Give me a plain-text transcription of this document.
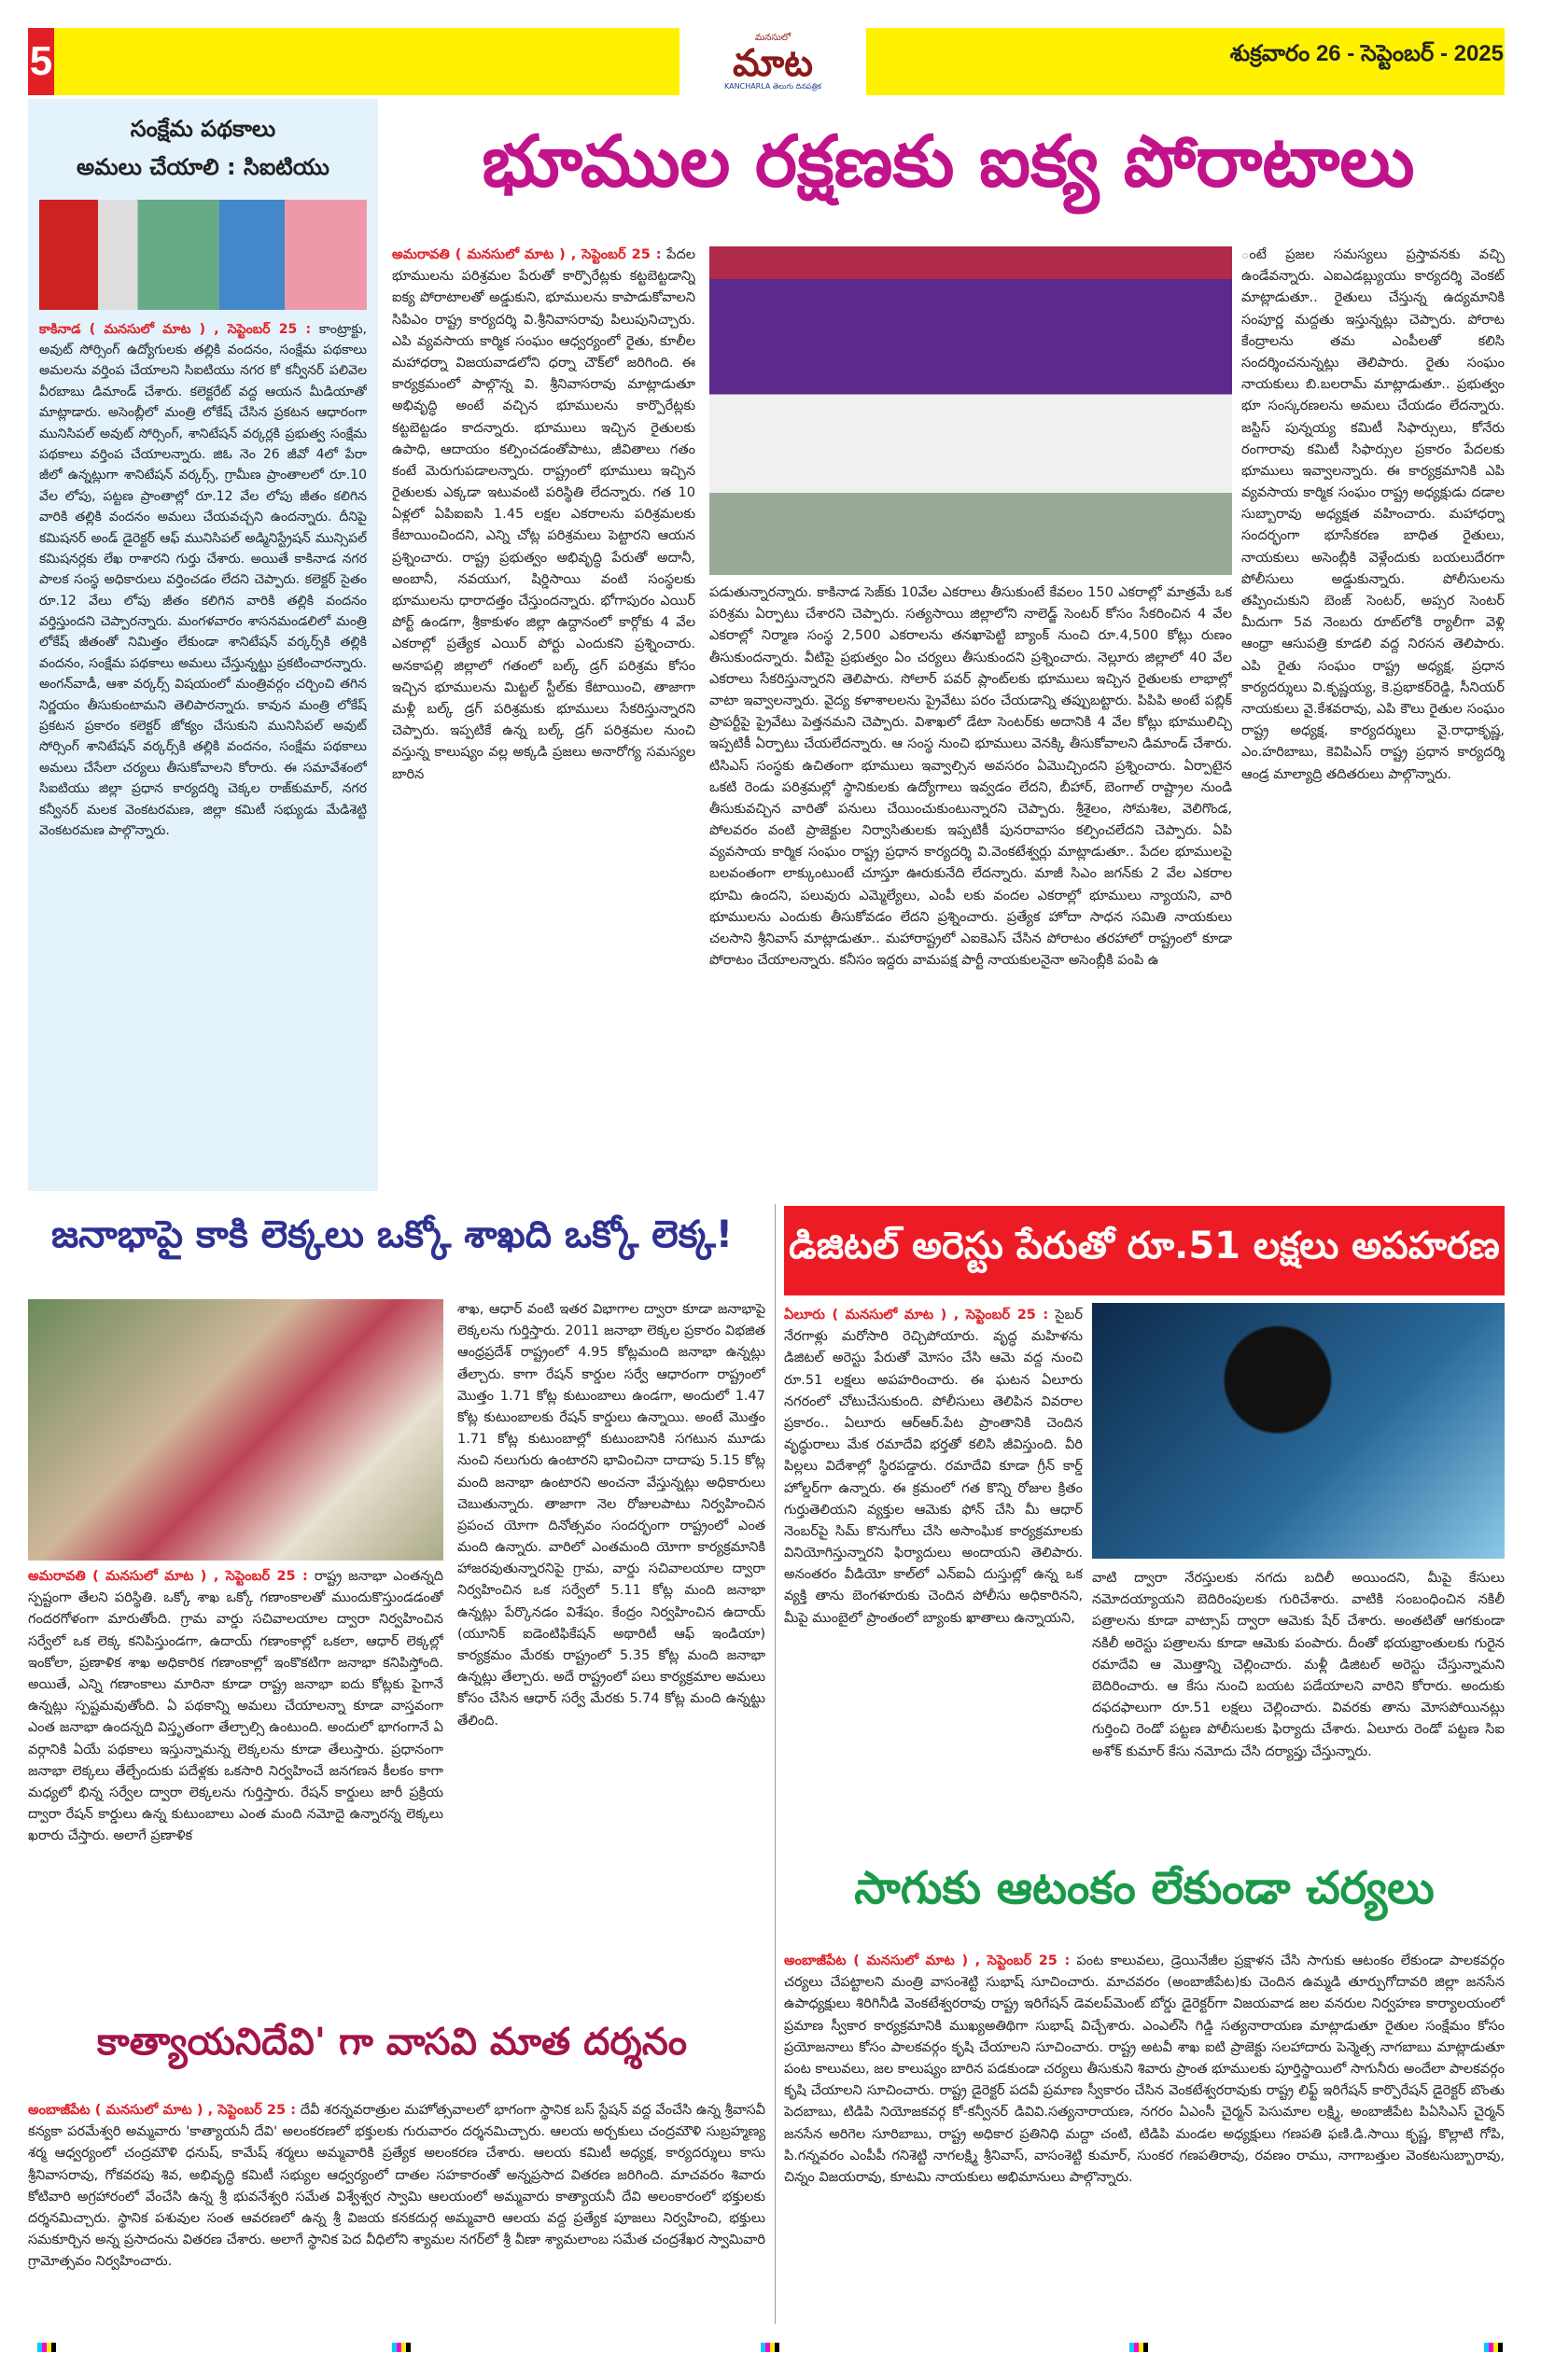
5
మనసులో
మాట
KANCHARLA తెలుగు దినపత్రిక
శుక్రవారం 26 - సెప్టెంబర్ - 2025
సంక్షేమ పథకాలు
అమలు చేయాలి : సిఐటియు
కాకినాడ ( మనసులో మాట ) , సెప్టెంబర్ 25 : కాంట్రాక్టు, అవుట్ సోర్సింగ్ ఉద్యోగులకు తల్లికి వందనం, సంక్షేమ పథకాలు అమలను వర్తింప చేయాలని సిఐటియు నగర కో కన్వీనర్ పలివెల వీరబాబు డిమాండ్ చేశారు. కలెక్టరేట్ వద్ద ఆయన మీడియాతో మాట్లాడారు. అసెంబ్లీలో మంత్రి లోకేష్ చేసిన ప్రకటన ఆధారంగా మునిసిపల్ అవుట్ సోర్సింగ్, శానిటేషన్ వర్కర్లకి ప్రభుత్వ సంక్షేమ పథకాలు వర్తింప చేయాలన్నారు. జిఓ నెం 26 జీవో 4లో పేరా జీలో ఉన్నట్లుగా శానిటేషన్ వర్కర్స్, గ్రామీణ ప్రాంతాలలో రూ.10 వేల లోపు, పట్టణ ప్రాంతాల్లో రూ.12 వేల లోపు జీతం కలిగిన వారికి తల్లికి వందనం అమలు చేయవచ్చని ఉందన్నారు. దీనిపై కమిషనర్ అండ్ డైరెక్టర్ ఆఫ్ మునిసిపల్ అడ్మినిస్ట్రేషన్ మున్సిపల్ కమిషనర్లకు లేఖ రాశారని గుర్తు చేశారు. అయితే కాకినాడ నగర పాలక సంస్థ అధికారులు వర్తించడం లేదని చెప్పారు. కలెక్టర్ సైతం రూ.12 వేలు లోపు జీతం కలిగిన వారికి తల్లికి వందనం వర్తిస్తుందని చెప్పారన్నారు. మంగళవారం శాసనమండలిలో మంత్రి లోకేష్ జీతంతో నిమిత్తం లేకుండా శానిటేషన్ వర్కర్స్‌కి తల్లికి వందనం, సంక్షేమ పథకాలు అమలు చేస్తున్నట్టు ప్రకటించారన్నారు. అంగన్‌వాడీ, ఆశా వర్కర్స్ విషయంలో మంత్రివర్గం చర్చించి తగిన నిర్ణయం తీసుకుంటామని తెలిపారన్నారు. కావున మంత్రి లోకేష్ ప్రకటన ప్రకారం కలెక్టర్ జోక్యం చేసుకుని మునిసిపల్ అవుట్ సోర్సింగ్ శానిటేషన్ వర్కర్స్‌కి తల్లికి వందనం, సంక్షేమ పథకాలు అమలు చేసేలా చర్యలు తీసుకోవాలని కోరారు. ఈ సమావేశంలో సిఐటియు జిల్లా ప్రధాన కార్యదర్శి చెక్కల రాజ్‌కుమార్, నగర కన్వీనర్ మలక వెంకటరమణ, జిల్లా కమిటీ సభ్యుడు మేడిశెట్టి వెంకటరమణ పాల్గొన్నారు.
భూముల రక్షణకు ఐక్య పోరాటాలు
అమరావతి ( మనసులో మాట ) , సెప్టెంబర్ 25 : పేదల భూములను పరిశ్రమల పేరుతో కార్పొరేట్లకు కట్టబెట్టడాన్ని ఐక్య పోరాటాలతో అడ్డుకుని, భూములను కాపాడుకోవాలని సిపిఎం రాష్ట్ర కార్యదర్శి వి.శ్రీనివాసరావు పిలుపునిచ్చారు. ఎపి వ్యవసాయ కార్మిక సంఘం ఆధ్వర్యంలో రైతు, కూలీల మహాధర్నా విజయవాడలోని ధర్నా చౌక్‌లో జరిగింది. ఈ కార్యక్రమంలో పాల్గొన్న వి. శ్రీనివాసరావు మాట్లాడుతూ అభివృద్ధి అంటే వచ్చిన భూములను కార్పొరేట్లకు కట్టబెట్టడం కాదన్నారు. భూములు ఇచ్చిన రైతులకు ఉపాధి, ఆదాయం కల్పించడంతోపాటు, జీవితాలు గతం కంటే మెరుగుపడాలన్నారు. రాష్ట్రంలో భూములు ఇచ్చిన రైతులకు ఎక్కడా ఇటువంటి పరిస్థితి లేదన్నారు. గత 10 ఏళ్లలో ఏపిఐఐసి 1.45 లక్షల ఎకరాలను పరిశ్రమలకు కేటాయించిందని, ఎన్ని చోట్ల పరిశ్రమలు పెట్టారని ఆయన ప్రశ్నించారు. రాష్ట్ర ప్రభుత్వం అభివృద్ధి పేరుతో అదానీ, అంబానీ, నవయుగ, షిర్డిసాయి వంటి సంస్థలకు భూములను ధారాదత్తం చేస్తుందన్నారు. భోగాపురం ఎయిర్ పోర్ట్ ఉండగా, శ్రీకాకుళం జిల్లా ఉద్దానంలో కార్గోకు 4 వేల ఎకరాల్లో ప్రత్యేక ఎయిర్ పోర్టు ఎందుకని ప్రశ్నించారు. అనకాపల్లి జిల్లాలో గతంలో బల్క్ డ్రగ్ పరిశ్రమ కోసం ఇచ్చిన భూములను మిట్టల్ స్టీల్‌కు కేటాయించి, తాజాగా మళ్లీ బల్క్ డ్రగ్ పరిశ్రమకు భూములు సేకరిస్తున్నారని చెప్పారు. ఇప్పటికే ఉన్న బల్క్ డ్రగ్ పరిశ్రమల నుంచి వస్తున్న కాలుష్యం వల్ల అక్కడి ప్రజలు అనారోగ్య సమస్యల బారిన
పడుతున్నారన్నారు. కాకినాడ సెజ్‌కు 10వేల ఎకరాలు తీసుకుంటే కేవలం 150 ఎకరాల్లో మాత్రమే ఒక పరిశ్రమ ఏర్పాటు చేశారని చెప్పారు. సత్యసాయి జిల్లాలోని నాలెడ్జ్ సెంటర్ కోసం సేకరించిన 4 వేల ఎకరాల్లో నిర్మాణ సంస్థ 2,500 ఎకరాలను తనఖాపెట్టి బ్యాంక్ నుంచి రూ.4,500 కోట్లు రుణం తీసుకుందన్నారు. వీటిపై ప్రభుత్వం ఏం చర్యలు తీసుకుందని ప్రశ్నించారు. నెల్లూరు జిల్లాలో 40 వేల ఎకరాలు సేకరిస్తున్నారని తెలిపారు. సోలార్ పవర్ ప్లాంట్‌లకు భూములు ఇచ్చిన రైతులకు లాభాల్లో వాటా ఇవ్వాలన్నారు. వైద్య కళాశాలలను ప్రైవేటు పరం చేయడాన్ని తప్పుబట్టారు. పిపిపి అంటే పబ్లిక్ ప్రాపర్టీపై ప్రైవేటు పెత్తనమని చెప్పారు. విశాఖలో డేటా సెంటర్‌కు అదానికి 4 వేల కోట్లు భూములిచ్చి ఇప్పటికీ ఏర్పాటు చేయలేదన్నారు. ఆ సంస్థ నుంచి భూములు వెనక్కి తీసుకోవాలని డిమాండ్ చేశారు. టిసిఎస్ సంస్థకు ఉచితంగా భూములు ఇవ్వాల్సిన అవసరం ఏమొచ్చిందని ప్రశ్నించారు. ఏర్పాటైన ఒకటి రెండు పరిశ్రమల్లో స్థానికులకు ఉద్యోగాలు ఇవ్వడం లేదని, బీహార్, బెంగాల్ రాష్ట్రాల నుండి తీసుకువచ్చిన వారితో పనులు చేయించుకుంటున్నారని చెప్పారు. శ్రీశైలం, సోమశిల, వెలిగొండ, పోలవరం వంటి ప్రాజెక్టుల నిర్వాసితులకు ఇప్పటికీ పునరావాసం కల్పించలేదని చెప్పారు. ఏపి వ్యవసాయ కార్మిక సంఘం రాష్ట్ర ప్రధాన కార్యదర్శి వి.వెంకటేశ్వర్లు మాట్లాడుతూ.. పేదల భూములపై బలవంతంగా లాక్కుంటుంటే చూస్తూ ఊరుకునేది లేదన్నారు. మాజీ సిఎం జగన్‌కు 2 వేల ఎకరాల భూమి ఉందని, పలువురు ఎమ్మెల్యేలు, ఎంపీ లకు వందల ఎకరాల్లో భూములు న్యాయని, వారి భూములను ఎందుకు తీసుకోవడం లేదని ప్రశ్నించారు. ప్రత్యేక హోదా సాధన సమితి నాయకులు చలసాని శ్రీనివాస్ మాట్లాడుతూ.. మహారాష్ట్రలో ఎఐకెఎస్ చేసిన పోరాటం తరహాలో రాష్ట్రంలో కూడా పోరాటం చేయాలన్నారు. కనీసం ఇద్దరు వామపక్ష పార్టీ నాయకులనైనా అసెంబ్లీకి పంపి ఉ
ంటే ప్రజల సమస్యలు ప్రస్తావనకు వచ్చి ఉండేవన్నారు. ఎఐఎడబ్ల్యుయు కార్యదర్శి వెంకట్ మాట్లాడుతూ.. రైతులు చేస్తున్న ఉద్యమానికి సంపూర్ణ మద్దతు ఇస్తున్నట్లు చెప్పారు. పోరాట కేంద్రాలను తమ ఎంపీలతో కలిసి సందర్శించనున్నట్లు తెలిపారు. రైతు సంఘం నాయకులు బి.బలరామ్ మాట్లాడుతూ.. ప్రభుత్వం భూ సంస్కరణలను అమలు చేయడం లేదన్నారు. జస్టిస్ పున్నయ్య కమిటీ సిఫార్సులు, కోనేరు రంగారావు కమిటీ సిఫార్సుల ప్రకారం పేదలకు భూములు ఇవ్వాలన్నారు. ఈ కార్యక్రమానికి ఎపి వ్యవసాయ కార్మిక సంఘం రాష్ట్ర అధ్యక్షుడు దడాల సుబ్బారావు అధ్యక్షత వహించారు. మహాధర్నా సందర్భంగా భూసేకరణ బాధిత రైతులు, నాయకులు అసెంబ్లీకి వెళ్లేందుకు బయలుదేరగా పోలీసులు అడ్డుకున్నారు. పోలీసులను తప్పించుకుని బెంజ్ సెంటర్, అప్సర సెంటర్ మీదుగా 5వ నెంబరు రూట్‌లోకి ర్యాలీగా వెళ్లి ఆంధ్రా ఆసుపత్రి కూడలి వద్ద నిరసన తెలిపారు. ఎపి రైతు సంఘం రాష్ట్ర అధ్యక్ష, ప్రధాన కార్యదర్శులు వి.కృష్ణయ్య, కె.ప్రభాకర్‌రెడ్డి, సీనియర్ నాయకులు వై.కేశవరావు, ఎపి కౌలు రైతుల సంఘం రాష్ట్ర అధ్యక్ష, కార్యదర్శులు వై.రాధాకృష్ణ, ఎం.హరిబాబు, కెవిపిఎస్ రాష్ట్ర ప్రధాన కార్యదర్శి ఆండ్ర మాల్యాద్రి తదితరులు పాల్గొన్నారు.
జనాభాపై కాకి లెక్కలు ఒక్కో శాఖది ఒక్కో లెక్క!
శాఖ, ఆధార్ వంటి ఇతర విభాగాల ద్వారా కూడా జనాభాపై లెక్కలను గుర్తిస్తారు. 2011 జనాభా లెక్కల ప్రకారం విభజిత ఆంధ్రప్రదేశ్ రాష్ట్రంలో 4.95 కోట్లమంది జనాభా ఉన్నట్లు తేల్చారు. కాగా రేషన్ కార్డుల సర్వే ఆధారంగా రాష్ట్రంలో మొత్తం 1.71 కోట్ల కుటుంబాలు ఉండగా, అందులో 1.47 కోట్ల కుటుంబాలకు రేషన్ కార్డులు ఉన్నాయి. అంటే మొత్తం 1.71 కోట్ల కుటుంబాల్లో కుటుంబానికి సగటున మూడు నుంచి నలుగురు ఉంటారని భావించినా దాదాపు 5.15 కోట్ల మంది జనాభా ఉంటారని అంచనా వేస్తున్నట్లు అధికారులు చెబుతున్నారు. తాజాగా నెల రోజులపాటు నిర్వహించిన ప్రపంచ యోగా దినోత్సవం సందర్భంగా రాష్ట్రంలో ఎంత మంది ఉన్నారు. వారిలో ఎంతమంది యోగా కార్యక్రమానికి హాజరవుతున్నారనిపై గ్రామ, వార్డు సచివాలయాల ద్వారా నిర్వహించిన ఒక సర్వేలో 5.11 కోట్ల మంది జనాభా ఉన్నట్లు పేర్కొనడం విశేషం. కేంద్రం నిర్వహించిన ఉదాయ్ (యూనిక్ ఐడెంటిఫికేషన్ అథారిటీ ఆఫ్ ఇండియా) కార్యక్రమం మేరకు రాష్ట్రంలో 5.35 కోట్ల మంది జనాభా ఉన్నట్లు తేల్చారు. అదే రాష్ట్రంలో పలు కార్యక్రమాల అమలు కోసం చేసిన ఆధార్ సర్వే మేరకు 5.74 కోట్ల మంది ఉన్నట్టు తేలింది.
అమరావతి ( మనసులో మాట ) , సెప్టెంబర్ 25 : రాష్ట్ర జనాభా ఎంతన్నది స్పష్టంగా తేలని పరిస్థితి. ఒక్కో శాఖ ఒక్కో గణాంకాలతో ముందుకొస్తుండడంతో గందరగోళంగా మారుతోంది. గ్రామ వార్డు సచివాలయాల ద్వారా నిర్వహించిన సర్వేలో ఒక లెక్క కనిపిస్తుండగా, ఉదాయ్ గణాంకాల్లో ఒకలా, ఆధార్ లెక్కల్లో ఇంకోలా, ప్రణాళిక శాఖ అధికారిక గణాంకాల్లో ఇంకొకటిగా జనాభా కనిపిస్తోంది. అయితే, ఎన్ని గణాంకాలు మారినా కూడా రాష్ట్ర జనాభా ఐదు కోట్లకు పైగానే ఉన్నట్లు స్పష్టమవుతోంది. ఏ పథకాన్ని అమలు చేయాలన్నా కూడా వాస్తవంగా ఎంత జనాభా ఉందన్నది విస్తృతంగా తేల్చాల్సి ఉంటుంది. అందులో భాగంగానే ఏ వర్గానికి ఏయే పథకాలు ఇస్తున్నామన్న లెక్కలను కూడా తేలుస్తారు. ప్రధానంగా జనాభా లెక్కలు తేల్చేందుకు పదేళ్లకు ఒకసారి నిర్వహించే జనగణన కీలకం కాగా మధ్యలో భిన్న సర్వేల ద్వారా లెక్కలను గుర్తిస్తారు. రేషన్ కార్డులు జారీ ప్రక్రియ ద్వారా రేషన్ కార్డులు ఉన్న కుటుంబాలు ఎంత మంది నమోదై ఉన్నారన్న లెక్కలు ఖరారు చేస్తారు. అలాగే ప్రణాళిక
కాత్యాయనిదేవి' గా వాసవి మాత దర్శనం
అంబాజీపేట ( మనసులో మాట ) , సెప్టెంబర్ 25 : దేవీ శరన్నవరాత్రుల మహోత్సవాలలో భాగంగా స్థానిక బస్ స్టేషన్ వద్ద వేంచేసి ఉన్న శ్రీవాసవీ కన్యకా పరమేశ్వరి అమ్మవారు 'కాత్యాయనీ దేవి' అలంకరణలో భక్తులకు గురువారం దర్శనమిచ్చారు. ఆలయ అర్చకులు చంద్రమౌళి సుబ్రహ్మణ్య శర్మ ఆధ్వర్యంలో చంద్రమౌళి ధనుష్, కామేష్ శర్మలు అమ్మవారికి ప్రత్యేక అలంకరణ చేశారు. ఆలయ కమిటీ అధ్యక్ష, కార్యదర్శులు కాసు శ్రీనివాసరావు, గోకవరపు శివ, అభివృద్ధి కమిటీ సభ్యుల ఆధ్వర్యంలో దాతల సహకారంతో అన్నప్రసాద వితరణ జరిగింది. మాచవరం శివారు కోటివారి అగ్రహారంలో వేంచేసి ఉన్న శ్రీ భువనేశ్వరి సమేత విశ్వేశ్వర స్వామి ఆలయంలో అమ్మవారు కాత్యాయనీ దేవి అలంకారంలో భక్తులకు దర్శనమిచ్చారు. స్థానిక పశువుల సంత ఆవరణలో ఉన్న శ్రీ విజయ కనకదుర్గ అమ్మవారి ఆలయ వద్ద ప్రత్యేక పూజలు నిర్వహించి, భక్తులు సమకూర్చిన అన్న ప్రసాదంను వితరణ చేశారు. అలాగే స్థానిక పెద వీధిలోని శ్యామల నగర్‌లో శ్రీ వీణా శ్యామలాంబ సమేత చంద్రశేఖర స్వామివారి గ్రామోత్సవం నిర్వహించారు.
డిజిటల్ అరెస్టు పేరుతో రూ.51 లక్షలు అపహరణ
ఏలూరు ( మనసులో మాట ) , సెప్టెంబర్ 25 : సైబర్ నేరగాళ్లు మరోసారి రెచ్చిపోయారు. వృద్ధ మహిళను డిజిటల్ అరెస్టు పేరుతో మోసం చేసి ఆమె వద్ద నుంచి రూ.51 లక్షలు అపహరించారు. ఈ ఘటన ఏలూరు నగరంలో చోటుచేసుకుంది. పోలీసులు తెలిపిన వివరాల ప్రకారం.. ఏలూరు ఆర్ఆర్.పేట ప్రాంతానికి చెందిన వృద్ధురాలు మేక రమాదేవి భర్తతో కలిసి జీవిస్తుంది. వీరి పిల్లలు విదేశాల్లో స్థిరపడ్డారు. రమాదేవి కూడా గ్రీన్ కార్డ్ హోల్డర్‌గా ఉన్నారు. ఈ క్రమంలో గత కొన్ని రోజుల క్రితం గుర్తుతెలియని వ్యక్తుల ఆమెకు ఫోన్ చేసి మీ ఆధార్ నెంబర్‌పై సిమ్ కొనుగోలు చేసి అసాంఘిక కార్యక్రమాలకు వినియోగిస్తున్నారని ఫిర్యాదులు అందాయని తెలిపారు. అనంతరం వీడియో కాల్‌లో ఎన్ఐఏ దుస్తుల్లో ఉన్న ఒక వ్యక్తి తాను బెంగళూరుకు చెందిన పోలీసు అధికారినని, మీపై ముంబైలో ప్రాంతంలో బ్యాంకు ఖాతాలు ఉన్నాయని,
వాటి ద్వారా నేరస్తులకు నగదు బదిలీ అయిందని, మీపై కేసులు నమోదయ్యాయని బెదిరింపులకు గురిచేశారు. వాటికి సంబంధించిన నకిలీ పత్రాలను కూడా వాట్సాప్ ద్వారా ఆమెకు షేర్ చేశారు. అంతటితో ఆగకుండా నకిలీ అరెస్టు పత్రాలను కూడా ఆమెకు పంపారు. దీంతో భయభ్రాంతులకు గురైన రమాదేవి ఆ మొత్తాన్ని చెల్లించారు. మళ్లీ డిజిటల్ అరెస్టు చేస్తున్నామని బెదిరించారు. ఆ కేసు నుంచి బయట పడేయాలని వారిని కోరారు. అందుకు దఫదఫాలుగా రూ.51 లక్షలు చెల్లించారు. వివరకు తాను మోసపోయినట్లు గుర్తించి రెండో పట్టణ పోలీసులకు ఫిర్యాదు చేశారు. ఏలూరు రెండో పట్టణ సిఐ అశోక్ కుమార్ కేసు నమోదు చేసి దర్యాప్తు చేస్తున్నారు.
సాగుకు ఆటంకం లేకుండా చర్యలు
అంబాజీపేట ( మనసులో మాట ) , సెప్టెంబర్ 25 : పంట కాలువలు, డ్రెయినేజీల ప్రక్షాళన చేసి సాగుకు ఆటంకం లేకుండా పాలకవర్గం చర్యలు చేపట్టాలని మంత్రి వాసంశెట్టి సుభాష్ సూచించారు. మాచవరం (అంబాజీపేట)కు చెందిన ఉమ్మడి తూర్పుగోదావరి జిల్లా జనసేన ఉపాధ్యక్షులు శిరిగినీడి వెంకటేశ్వరరావు రాష్ట్ర ఇరిగేషన్ డెవలప్‌మెంట్ బోర్డు డైరెక్టర్‌గా విజయవాడ జల వనరుల నిర్వహణ కార్యాలయంలో ప్రమాణ స్వీకార కార్యక్రమానికి ముఖ్యఅతిథిగా సుభాష్ విచ్చేశారు. ఎంఎల్‌సి గిడ్డి సత్యనారాయణ మాట్లాడుతూ రైతుల సంక్షేమం కోసం ప్రయోజనాలు కోసం పాలకవర్గం కృషి చేయాలని సూచించారు. రాష్ట్ర అటవీ శాఖ ఐటి ప్రాజెక్టు సలహాదారు పెన్మెత్స నాగబాబు మాట్లాడుతూ పంట కాలువలు, జల కాలుష్యం బారిన పడకుండా చర్యలు తీసుకుని శివారు ప్రాంత భూములకు పూర్తిస్థాయిలో సాగునీరు అందేలా పాలకవర్గం కృషి చేయాలని సూచించారు. రాష్ట్ర డైరెక్టర్ పదవీ ప్రమాణ స్వీకారం చేసిన వెంకటేశ్వరరావుకు రాష్ట్ర లిఫ్ట్ ఇరిగేషన్ కార్పొరేషన్ డైరెక్టర్ బొంతు పెదబాబు, టిడిపి నియోజకవర్గ కో-కన్వీనర్ డివివి.సత్యనారాయణ, నగరం ఏఎంసీ చైర్మన్ పెసుమాల లక్ష్మి, అంబాజీపేట పిఏసిఎస్ చైర్మన్ జనసేన అరిగెల సూరిబాబు, రాష్ట్ర అధికార ప్రతినిధి మద్దా చంటి, టిడిపి మండల అధ్యక్షులు గణపతి ఫణి.డి.సాయి కృష్ణ, కొల్లాటి గోపి, పి.గన్నవరం ఎంపీపీ గనిశెట్టి నాగలక్ష్మి శ్రీనివాస్, వాసంశెట్టి కుమార్, సుంకర గణపతిరావు, రవణం రాము, నాగాబత్తుల వెంకటసుబ్బారావు, చిన్నం విజయరావు, కూటమి నాయకులు అభిమానులు పాల్గొన్నారు.
